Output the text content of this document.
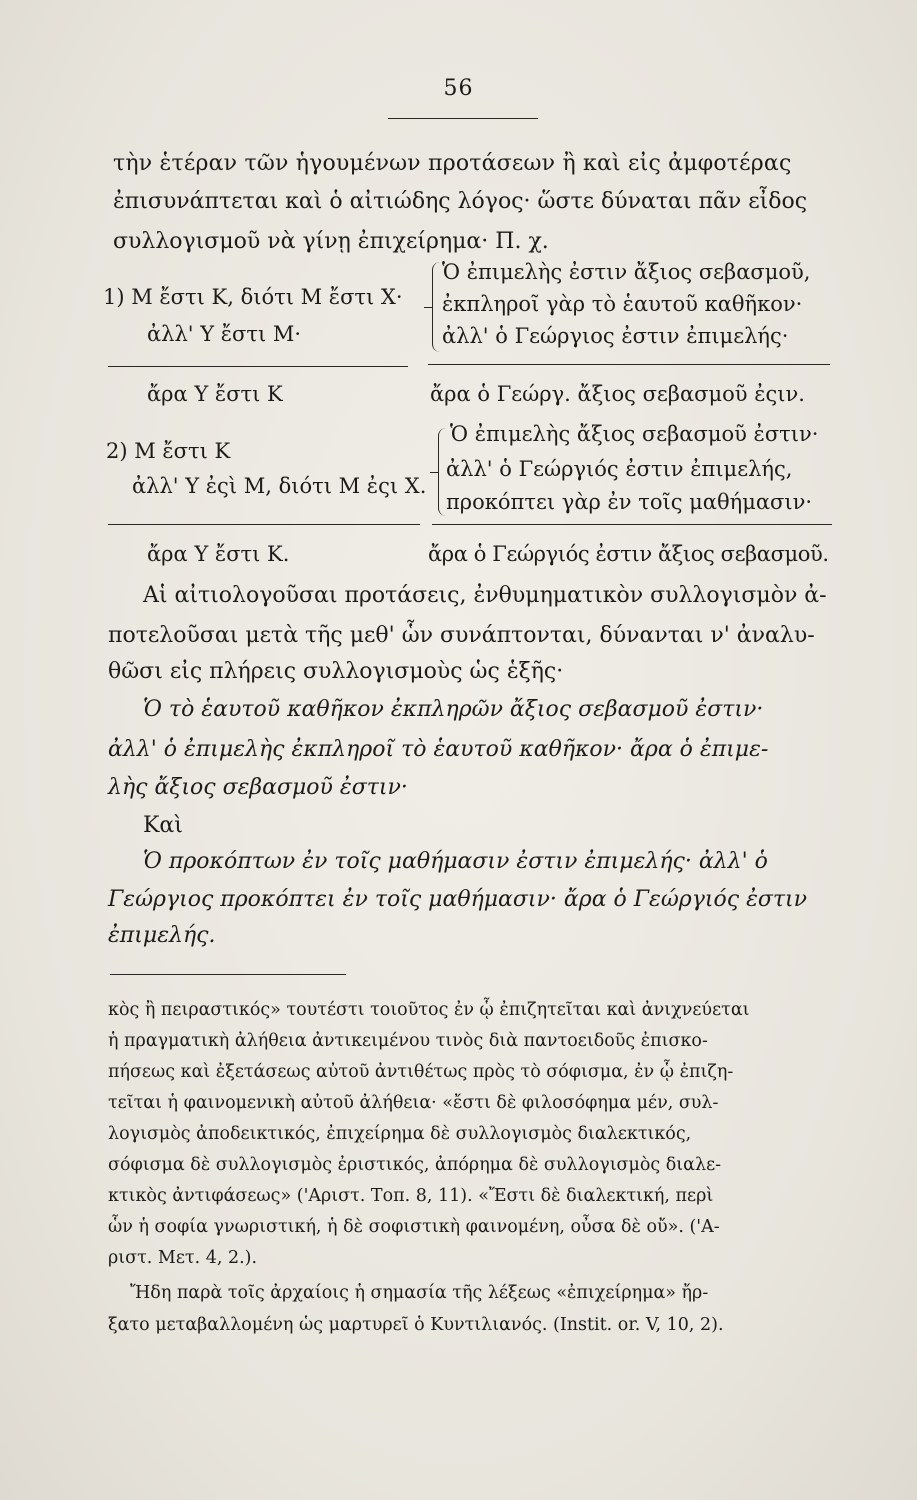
56
τὴν ἑτέραν τῶν ἡγουμένων προτάσεων ἢ καὶ εἰς ἀμφοτέρας
ἐπισυνάπτεται καὶ ὁ αἰτιώδης λόγος· ὥστε δύναται πᾶν εἶδος
συλλογισμοῦ νὰ γίνῃ ἐπιχείρημα· Π. χ.
1) Μ ἔστι Κ, διότι Μ ἔστι Χ·
ἀλλ' Υ ἔστι Μ·
Ὁ ἐπιμελὴς ἐστιν ἄξιος σεβασμοῦ,
ἐκπληροῖ γὰρ τὸ ἑαυτοῦ καθῆκον·
ἀλλ' ὁ Γεώργιος ἐστιν ἐπιμελής·
ἄρα Υ ἔστι Κ	ἄρα ὁ Γεώργ. ἄξιος σεβασμοῦ ἐςιν.
2) Μ ἔστι Κ
ἀλλ' Υ ἐςὶ Μ, διότι Μ ἐςι Χ.
Ὁ ἐπιμελὴς ἄξιος σεβασμοῦ ἐστιν·
ἀλλ' ὁ Γεώργιός ἐστιν ἐπιμελής,
προκόπτει γὰρ ἐν τοῖς μαθήμασιν·
ἄρα Υ ἔστι Κ.	ἄρα ὁ Γεώργιός ἐστιν ἄξιος σεβασμοῦ.
Αἱ αἰτιολογοῦσαι προτάσεις, ἐνθυμηματικὸν συλλογισμὸν ἀ-
ποτελοῦσαι μετὰ τῆς μεθ' ὧν συνάπτονται, δύνανται ν' ἀναλυ-
θῶσι εἰς πλήρεις συλλογισμοὺς ὡς ἑξῆς·
Ὁ τὸ ἑαυτοῦ καθῆκον ἐκπληρῶν ἄξιος σεβασμοῦ ἐστιν·
ἀλλ' ὁ ἐπιμελὴς ἐκπληροῖ τὸ ἑαυτοῦ καθῆκον· ἄρα ὁ ἐπιμε-
λὴς ἄξιος σεβασμοῦ ἐστιν·
Καὶ
Ὁ προκόπτων ἐν τοῖς μαθήμασιν ἐστιν ἐπιμελής· ἀλλ' ὁ
Γεώργιος προκόπτει ἐν τοῖς μαθήμασιν· ἄρα ὁ Γεώργιός ἐστιν
ἐπιμελής.
κὸς ἢ πειραστικός» τουτέστι τοιοῦτος ἐν ᾧ ἐπιζητεῖται καὶ ἀνιχνεύεται
ἡ πραγματικὴ ἀλήθεια ἀντικειμένου τινὸς διὰ παντοειδοῦς ἐπισκο-
πήσεως καὶ ἐξετάσεως αὐτοῦ ἀντιθέτως πρὸς τὸ σόφισμα, ἐν ᾧ ἐπιζη-
τεῖται ἡ φαινομενικὴ αὐτοῦ ἀλήθεια· «ἔστι δὲ φιλοσόφημα μέν, συλ-
λογισμὸς ἀποδεικτικός, ἐπιχείρημα δὲ συλλογισμὸς διαλεκτικός,
σόφισμα δὲ συλλογισμὸς ἐριστικός, ἀπόρημα δὲ συλλογισμὸς διαλε-
κτικὸς ἀντιφάσεως» ('Αριστ. Τοπ. 8, 11). «Ἔστι δὲ διαλεκτική, περὶ
ὧν ἡ σοφία γνωριστική, ἡ δὲ σοφιστικὴ φαινομένη, οὖσα δὲ οὔ». ('Α-
ριστ. Μετ. 4, 2.).
Ἤδη παρὰ τοῖς ἀρχαίοις ἡ σημασία τῆς λέξεως «ἐπιχείρημα» ἤρ-
ξατο μεταβαλλομένη ὡς μαρτυρεῖ ὁ Κυντιλιανός. (Instit. or. V, 10, 2).
